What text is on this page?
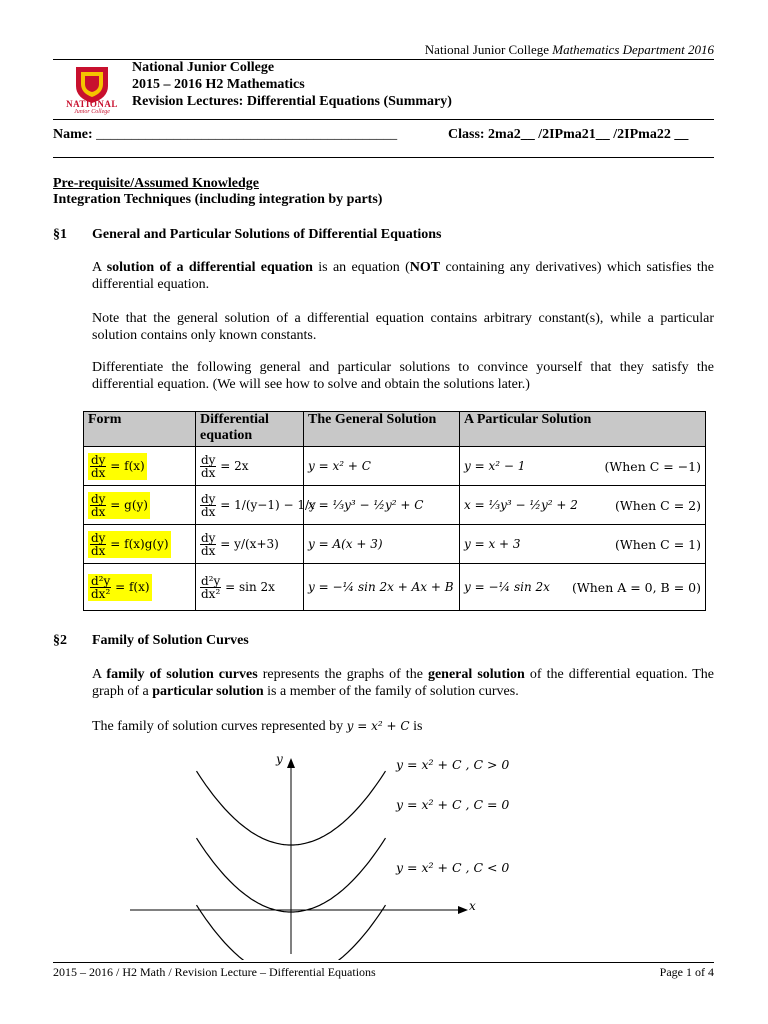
National Junior College Mathematics Department 2016
NATIONAL
Junior College
National Junior College
2015 – 2016 H2 Mathematics
Revision Lectures: Differential Equations (Summary)
Name: ___________________________________________	Class: 2ma2__ /2IPma21__ /2IPma22 __
Pre-requisite/Assumed Knowledge
Integration Techniques (including integration by parts)
§1 General and Particular Solutions of Differential Equations
A solution of a differential equation is an equation (NOT containing any derivatives) which satisfies the differential equation.
Note that the general solution of a differential equation contains arbitrary constant(s), while a particular solution contains only known constants.
Differentiate the following general and particular solutions to convince yourself that they satisfy the differential equation. (We will see how to solve and obtain the solutions later.)
Form	Differential equation	The General Solution	A Particular Solution

$\frac{dy}{dx} = f(x)$	$\frac{dy}{dx} = 2x$	y = x² + C	y = x² − 1 (When C = −1)

$\frac{dy}{dx} = g(y)$	$\frac{dy}{dx} = 1/(y-1) - 1/y$	x = ⅓y³ − ½y² + C	x = ⅓y³ − ½y² + 2 (When C = 2)

$\frac{dy}{dx} = f(x)g(y)$	$\frac{dy}{dx} = y/(x+3)$	y = A(x + 3)	y = x + 3 (When C = 1)

$\frac{\text{d²y}}{\text{dx²}} = f(x)$	$\frac{\text{d²y}}{\text{dx²}} = \sin 2x$	y = −¼ sin 2x + Ax + B	y = −¼ sin 2x (When A = 0, B = 0)
§2 Family of Solution Curves
A family of solution curves represents the graphs of the general solution of the differential equation. The graph of a particular solution is a member of the family of solution curves.
The family of solution curves represented by y = x² + C is
x
y	y = x² + C , C > 0
y = x² + C , C = 0
y = x² + C , C < 0
2015 – 2016 / H2 Math / Revision Lecture – Differential Equations	Page 1 of 4
